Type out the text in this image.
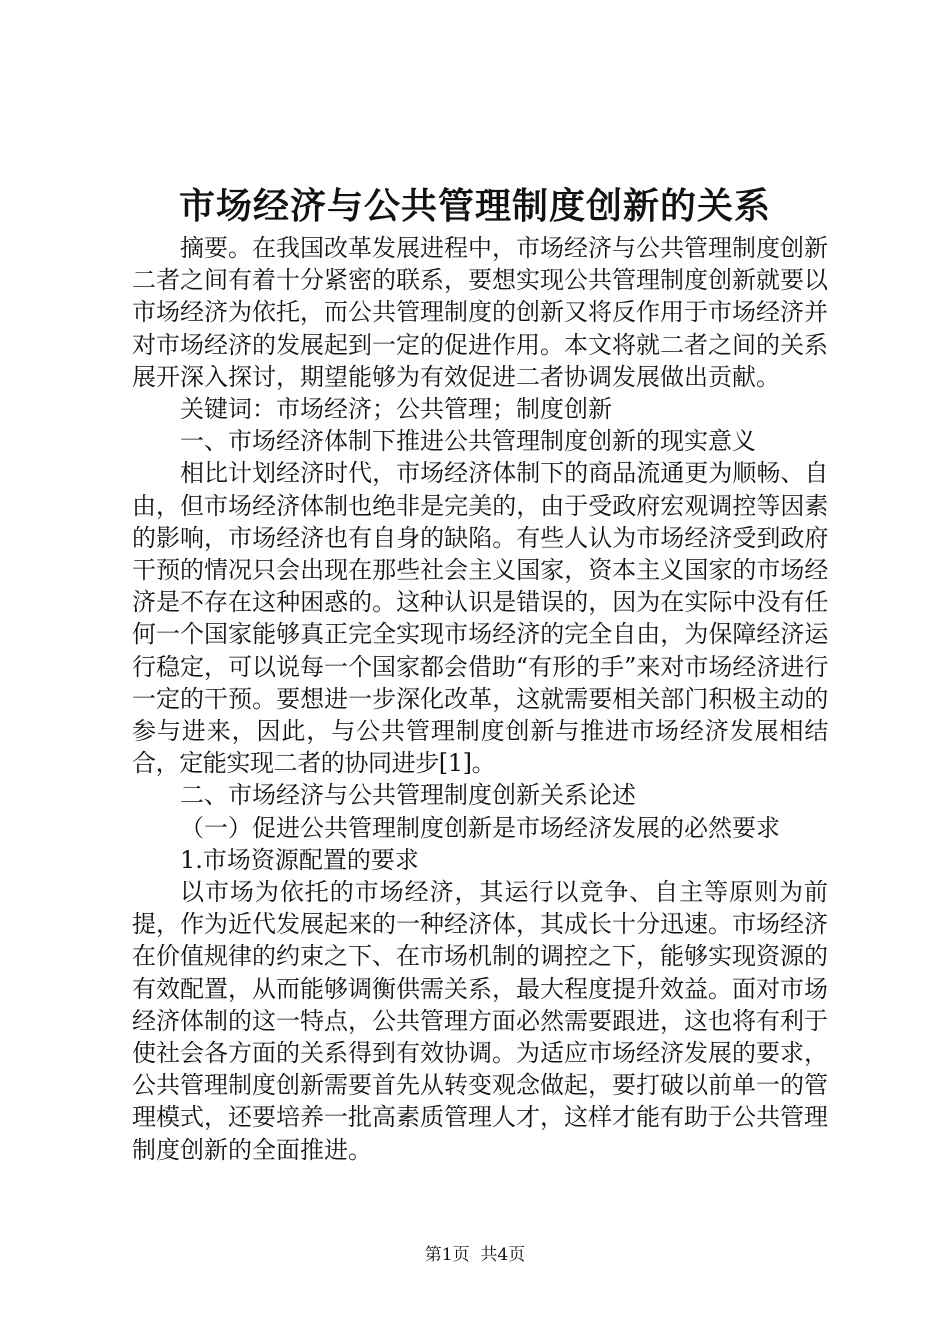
市场经济与公共管理制度创新的关系

摘要。在我国改革发展进程中，市场经济与公共管理制度创新二者之间有着十分紧密的联系，要想实现公共管理制度创新就要以市场经济为依托，而公共管理制度的创新又将反作用于市场经济并对市场经济的发展起到一定的促进作用。本文将就二者之间的关系展开深入探讨，期望能够为有效促进二者协调发展做出贡献。

关键词：市场经济；公共管理；制度创新

一、市场经济体制下推进公共管理制度创新的现实意义

相比计划经济时代，市场经济体制下的商品流通更为顺畅、自由，但市场经济体制也绝非是完美的，由于受政府宏观调控等因素的影响，市场经济也有自身的缺陷。有些人认为市场经济受到政府干预的情况只会出现在那些社会主义国家，资本主义国家的市场经济是不存在这种困惑的。这种认识是错误的，因为在实际中没有任何一个国家能够真正完全实现市场经济的完全自由，为保障经济运行稳定，可以说每一个国家都会借助“有形的手”来对市场经济进行一定的干预。要想进一步深化改革，这就需要相关部门积极主动的参与进来，因此，与公共管理制度创新与推进市场经济发展相结合，定能实现二者的协同进步[1]。

二、市场经济与公共管理制度创新关系论述

（一）促进公共管理制度创新是市场经济发展的必然要求

1.市场资源配置的要求

以市场为依托的市场经济，其运行以竞争、自主等原则为前提，作为近代发展起来的一种经济体，其成长十分迅速。市场经济在价值规律的约束之下、在市场机制的调控之下，能够实现资源的有效配置，从而能够调衡供需关系，最大程度提升效益。面对市场经济体制的这一特点，公共管理方面必然需要跟进，这也将有利于使社会各方面的关系得到有效协调。为适应市场经济发展的要求，公共管理制度创新需要首先从转变观念做起，要打破以前单一的管理模式，还要培养一批高素质管理人才，这样才能有助于公共管理制度创新的全面推进。

第1页  共4页
